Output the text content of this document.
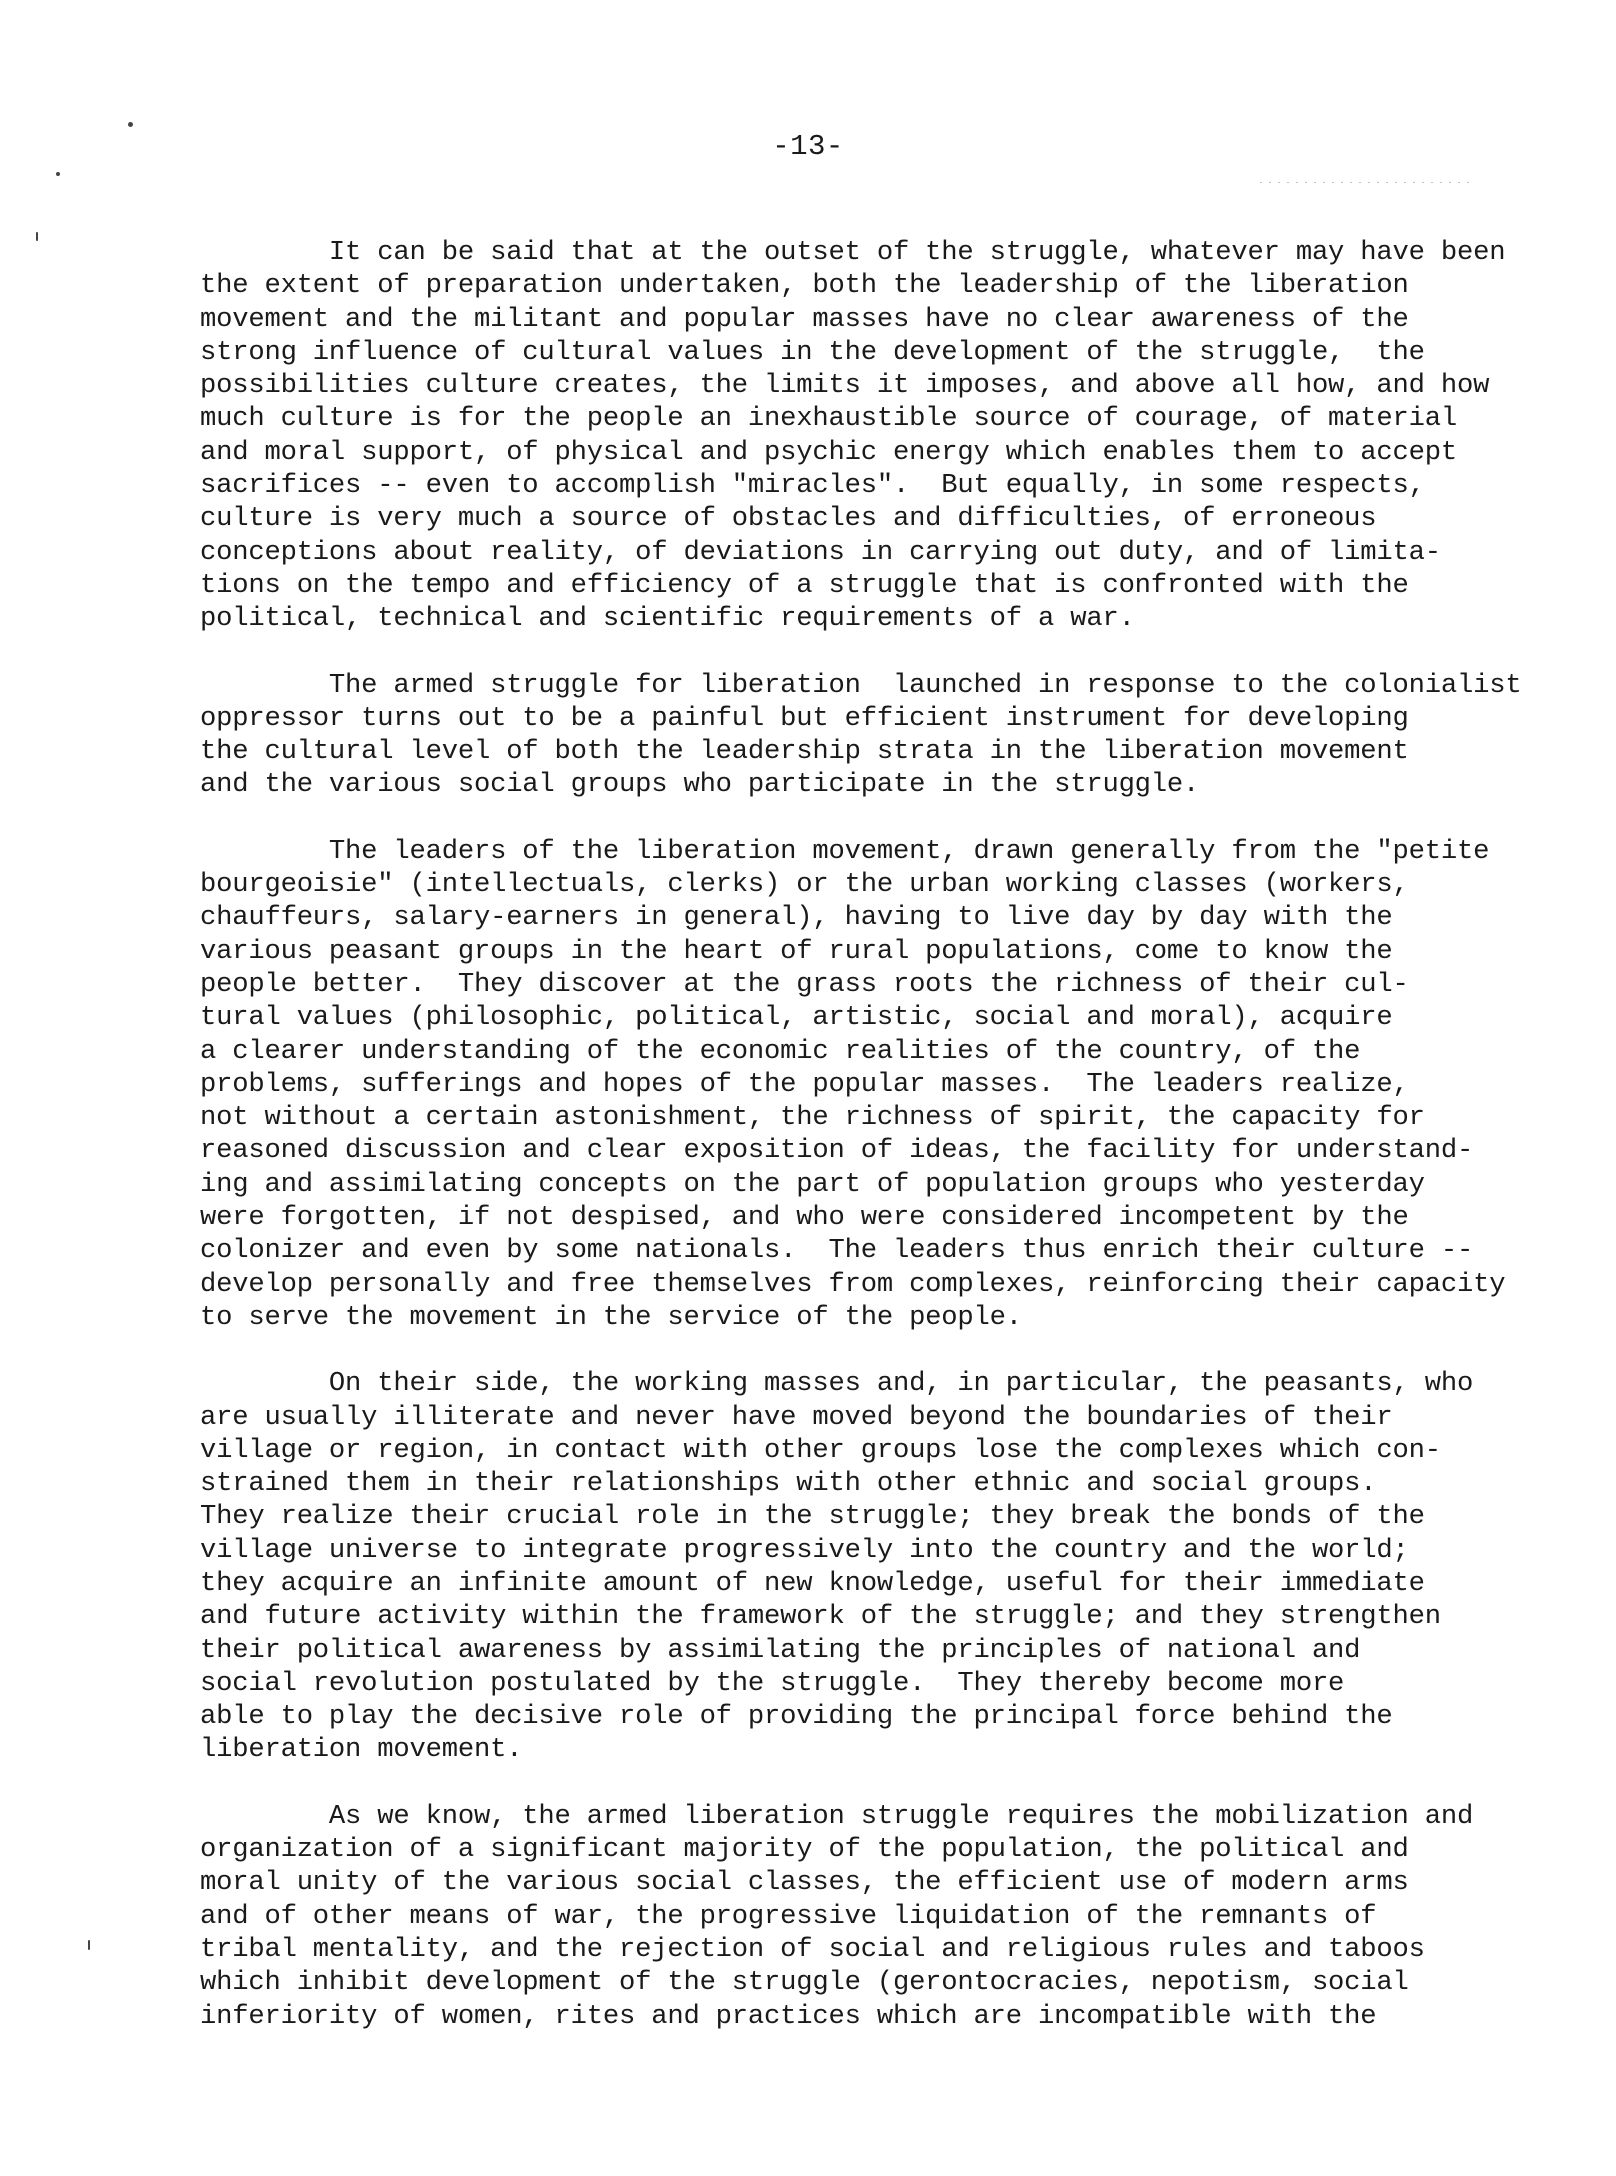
-13-
It can be said that at the outset of the struggle, whatever may have been
the extent of preparation undertaken, both the leadership of the liberation
movement and the militant and popular masses have no clear awareness of the
strong influence of cultural values in the development of the struggle,  the
possibilities culture creates, the limits it imposes, and above all how, and how
much culture is for the people an inexhaustible source of courage, of material
and moral support, of physical and psychic energy which enables them to accept
sacrifices -- even to accomplish "miracles".  But equally, in some respects,
culture is very much a source of obstacles and difficulties, of erroneous
conceptions about reality, of deviations in carrying out duty, and of limita-
tions on the tempo and efficiency of a struggle that is confronted with the
political, technical and scientific requirements of a war.
The armed struggle for liberation  launched in response to the colonialist
oppressor turns out to be a painful but efficient instrument for developing
the cultural level of both the leadership strata in the liberation movement
and the various social groups who participate in the struggle.
The leaders of the liberation movement, drawn generally from the "petite
bourgeoisie" (intellectuals, clerks) or the urban working classes (workers,
chauffeurs, salary-earners in general), having to live day by day with the
various peasant groups in the heart of rural populations, come to know the
people better.  They discover at the grass roots the richness of their cul-
tural values (philosophic, political, artistic, social and moral), acquire
a clearer understanding of the economic realities of the country, of the
problems, sufferings and hopes of the popular masses.  The leaders realize,
not without a certain astonishment, the richness of spirit, the capacity for
reasoned discussion and clear exposition of ideas, the facility for understand-
ing and assimilating concepts on the part of population groups who yesterday
were forgotten, if not despised, and who were considered incompetent by the
colonizer and even by some nationals.  The leaders thus enrich their culture --
develop personally and free themselves from complexes, reinforcing their capacity
to serve the movement in the service of the people.
On their side, the working masses and, in particular, the peasants, who
are usually illiterate and never have moved beyond the boundaries of their
village or region, in contact with other groups lose the complexes which con-
strained them in their relationships with other ethnic and social groups.
They realize their crucial role in the struggle; they break the bonds of the
village universe to integrate progressively into the country and the world;
they acquire an infinite amount of new knowledge, useful for their immediate
and future activity within the framework of the struggle; and they strengthen
their political awareness by assimilating the principles of national and
social revolution postulated by the struggle.  They thereby become more
able to play the decisive role of providing the principal force behind the
liberation movement.
As we know, the armed liberation struggle requires the mobilization and
organization of a significant majority of the population, the political and
moral unity of the various social classes, the efficient use of modern arms
and of other means of war, the progressive liquidation of the remnants of
tribal mentality, and the rejection of social and religious rules and taboos
which inhibit development of the struggle (gerontocracies, nepotism, social
inferiority of women, rites and practices which are incompatible with the
